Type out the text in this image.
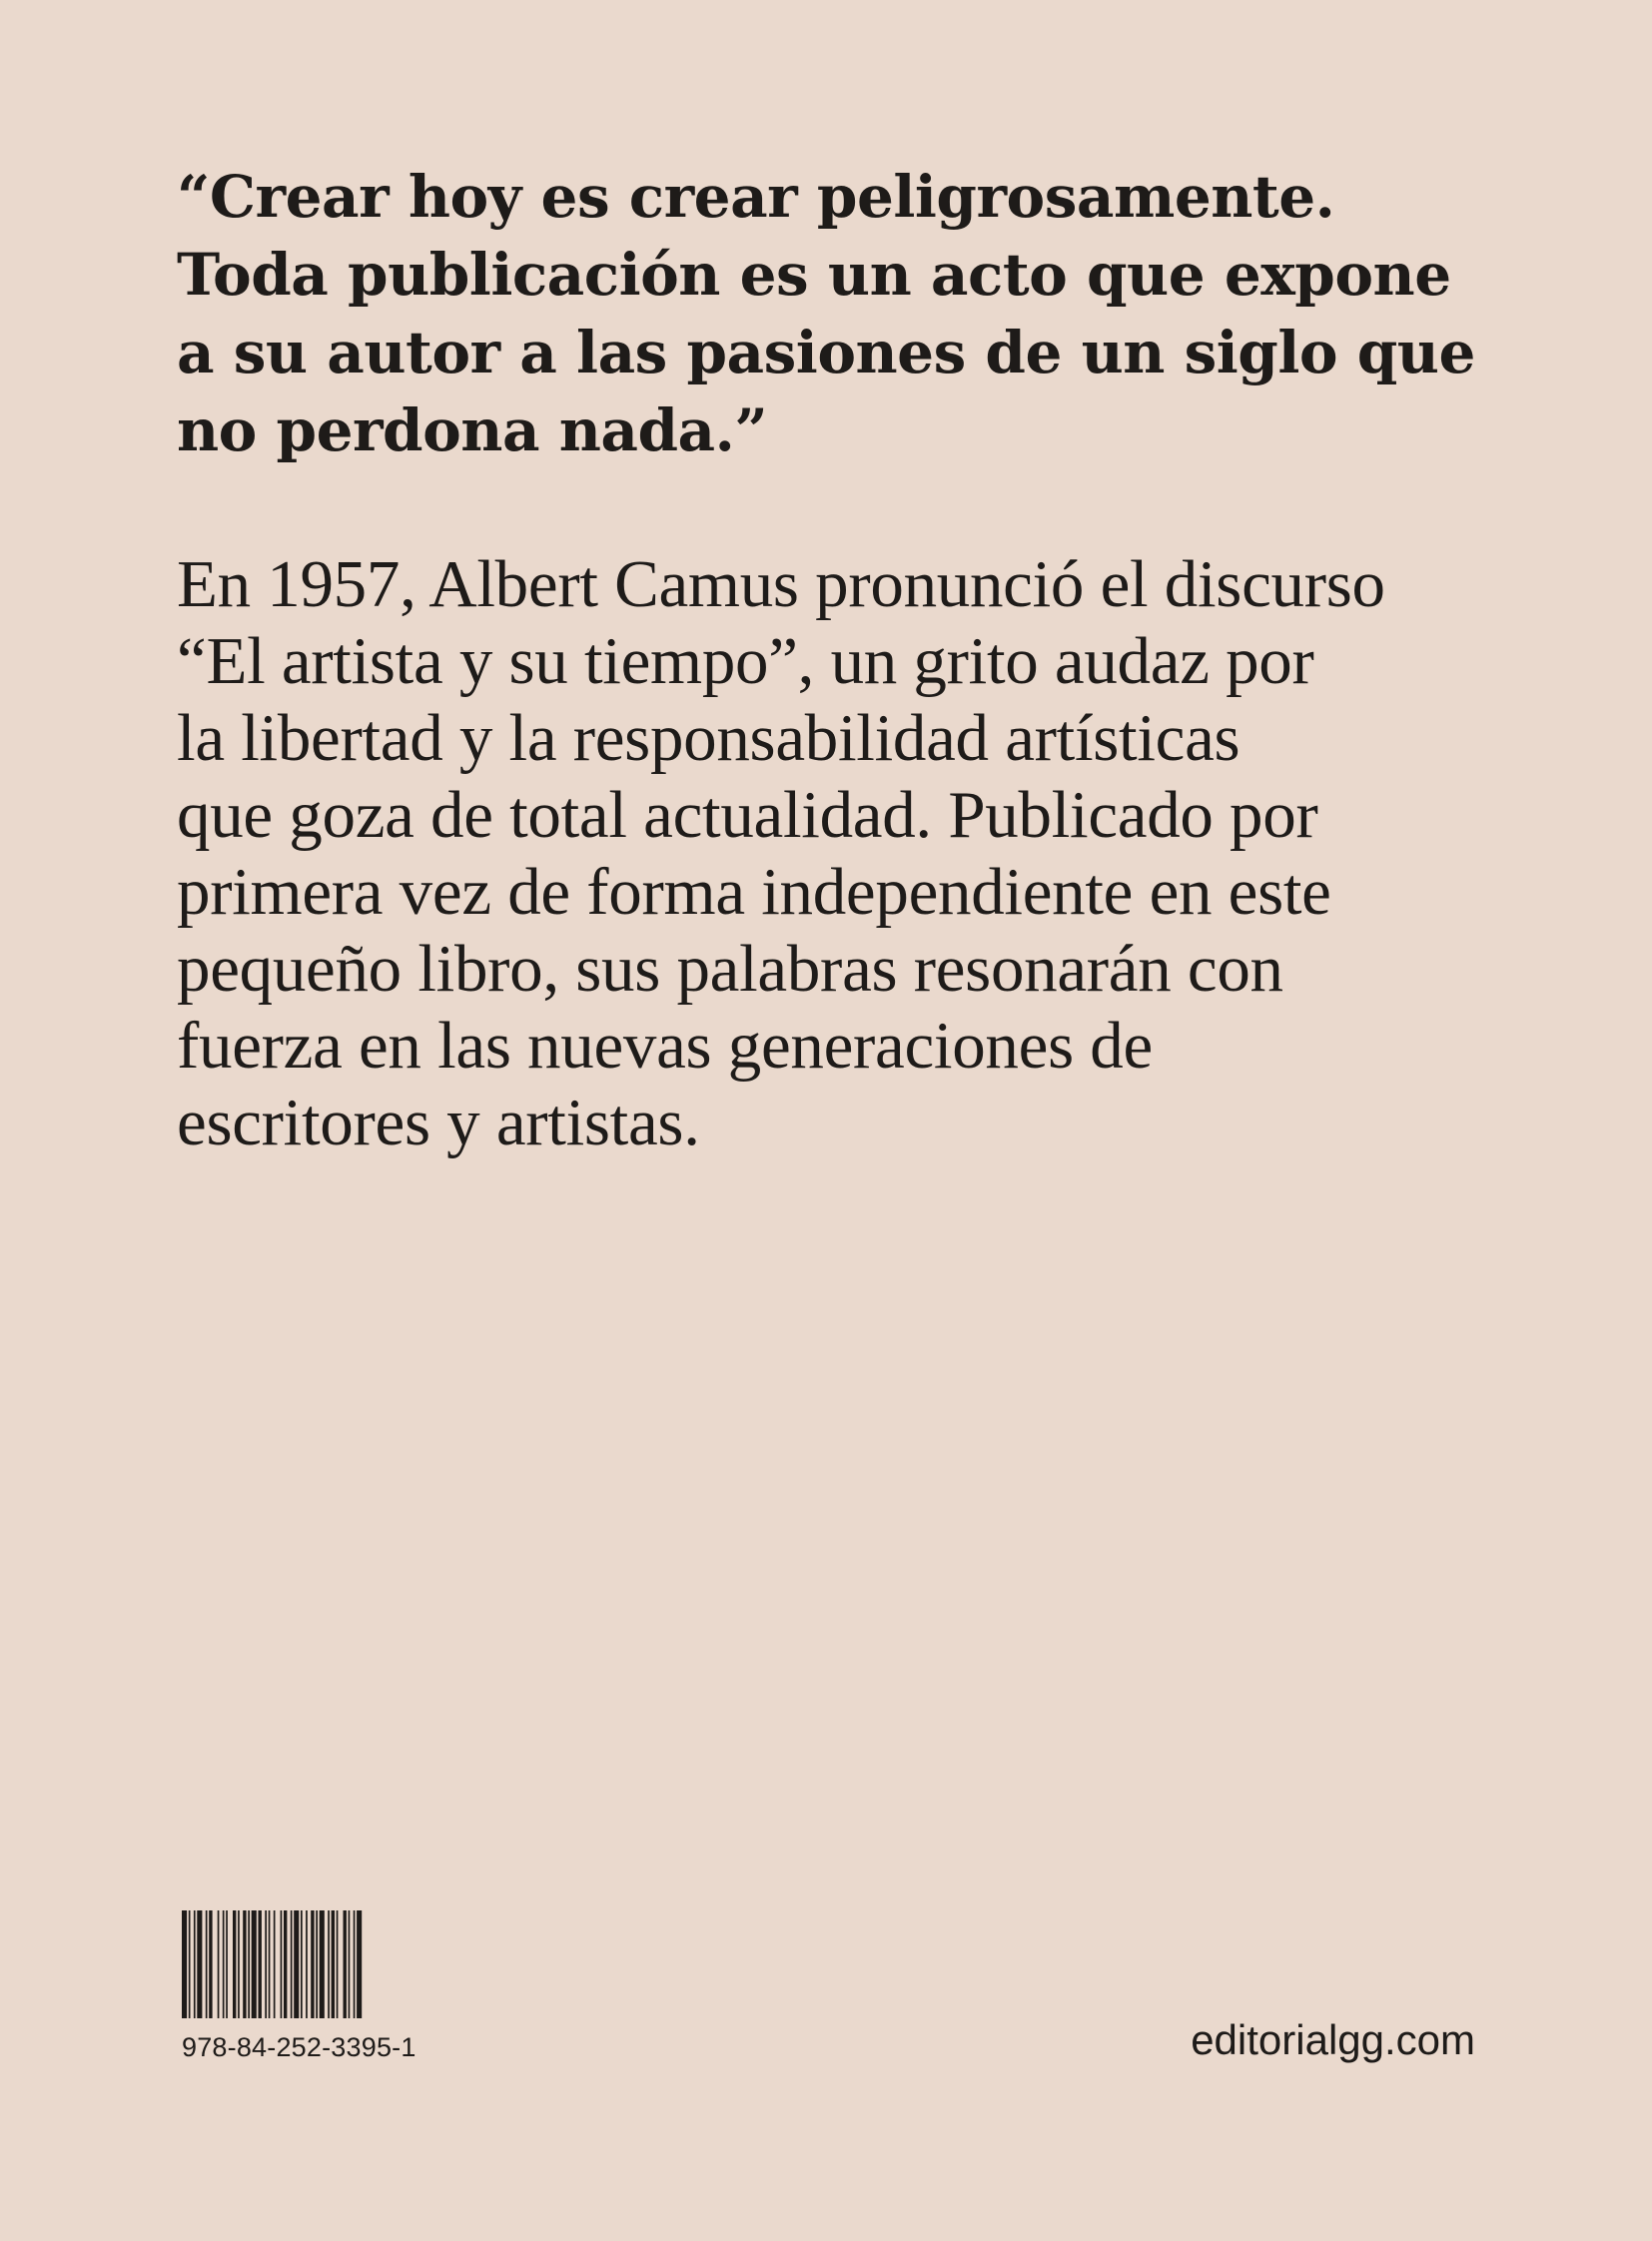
“Crear hoy es crear peligrosamente.
Toda publicación es un acto que expone
a su autor a las pasiones de un siglo que
no perdona nada.”
En 1957, Albert Camus pronunció el discurso
“El artista y su tiempo”, un grito audaz por
la libertad y la responsabilidad artísticas
que goza de total actualidad. Publicado por
primera vez de forma independiente en este
pequeño libro, sus palabras resonarán con
fuerza en las nuevas generaciones de
escritores y artistas.
978-84-252-3395-1	editorialgg.com
